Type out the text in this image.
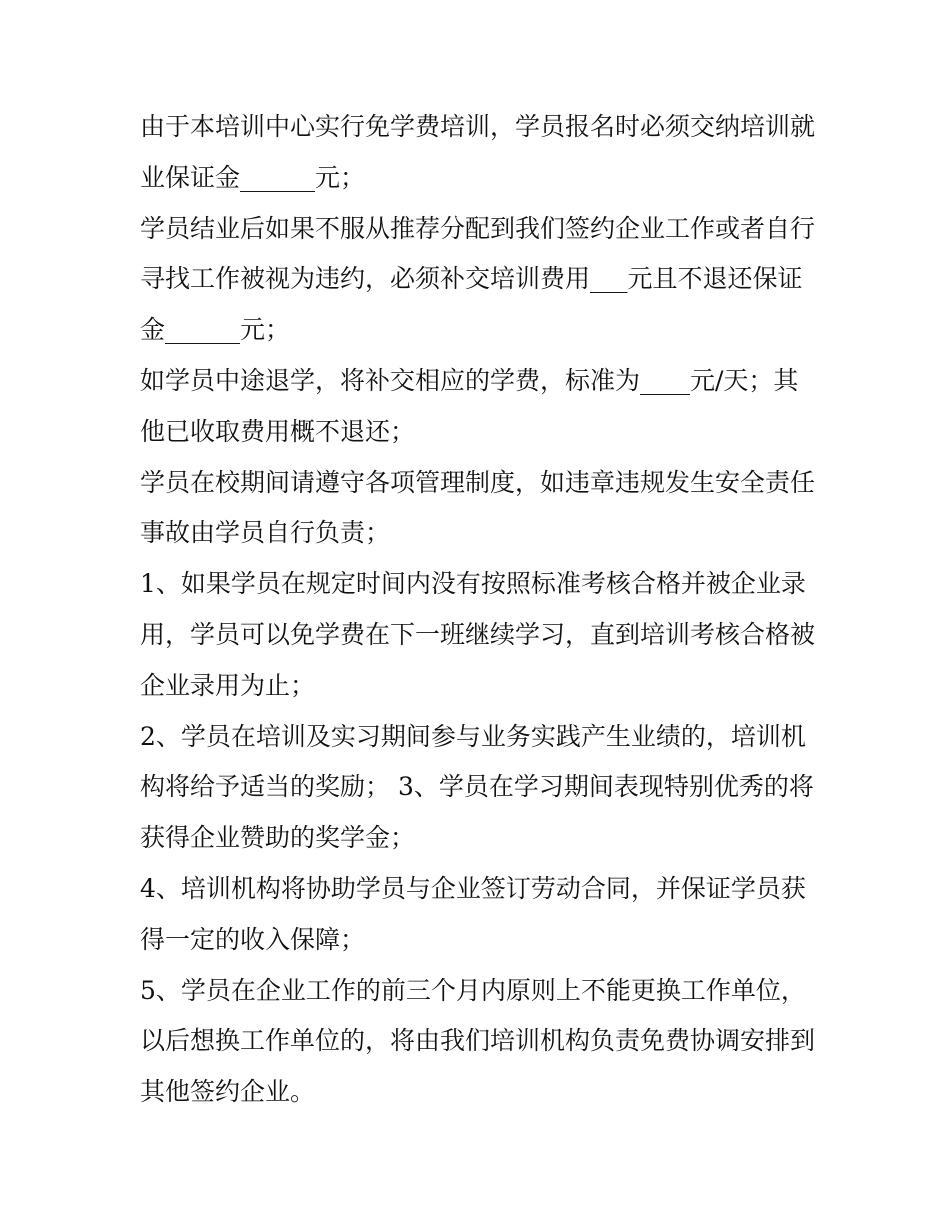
由于本培训中心实行免学费培训，学员报名时必须交纳培训就业保证金______元；

学员结业后如果不服从推荐分配到我们签约企业工作或者自行寻找工作被视为违约，必须补交培训费用___元且不退还保证金______元；

如学员中途退学，将补交相应的学费，标准为____元/天；其他已收取费用概不退还；

学员在校期间请遵守各项管理制度，如违章违规发生安全责任事故由学员自行负责；

1、如果学员在规定时间内没有按照标准考核合格并被企业录用，学员可以免学费在下一班继续学习，直到培训考核合格被企业录用为止；

2、学员在培训及实习期间参与业务实践产生业绩的，培训机构将给予适当的奖励； 3、学员在学习期间表现特别优秀的将获得企业赞助的奖学金；

4、培训机构将协助学员与企业签订劳动合同，并保证学员获得一定的收入保障；

5、学员在企业工作的前三个月内原则上不能更换工作单位，以后想换工作单位的，将由我们培训机构负责免费协调安排到其他签约企业。
